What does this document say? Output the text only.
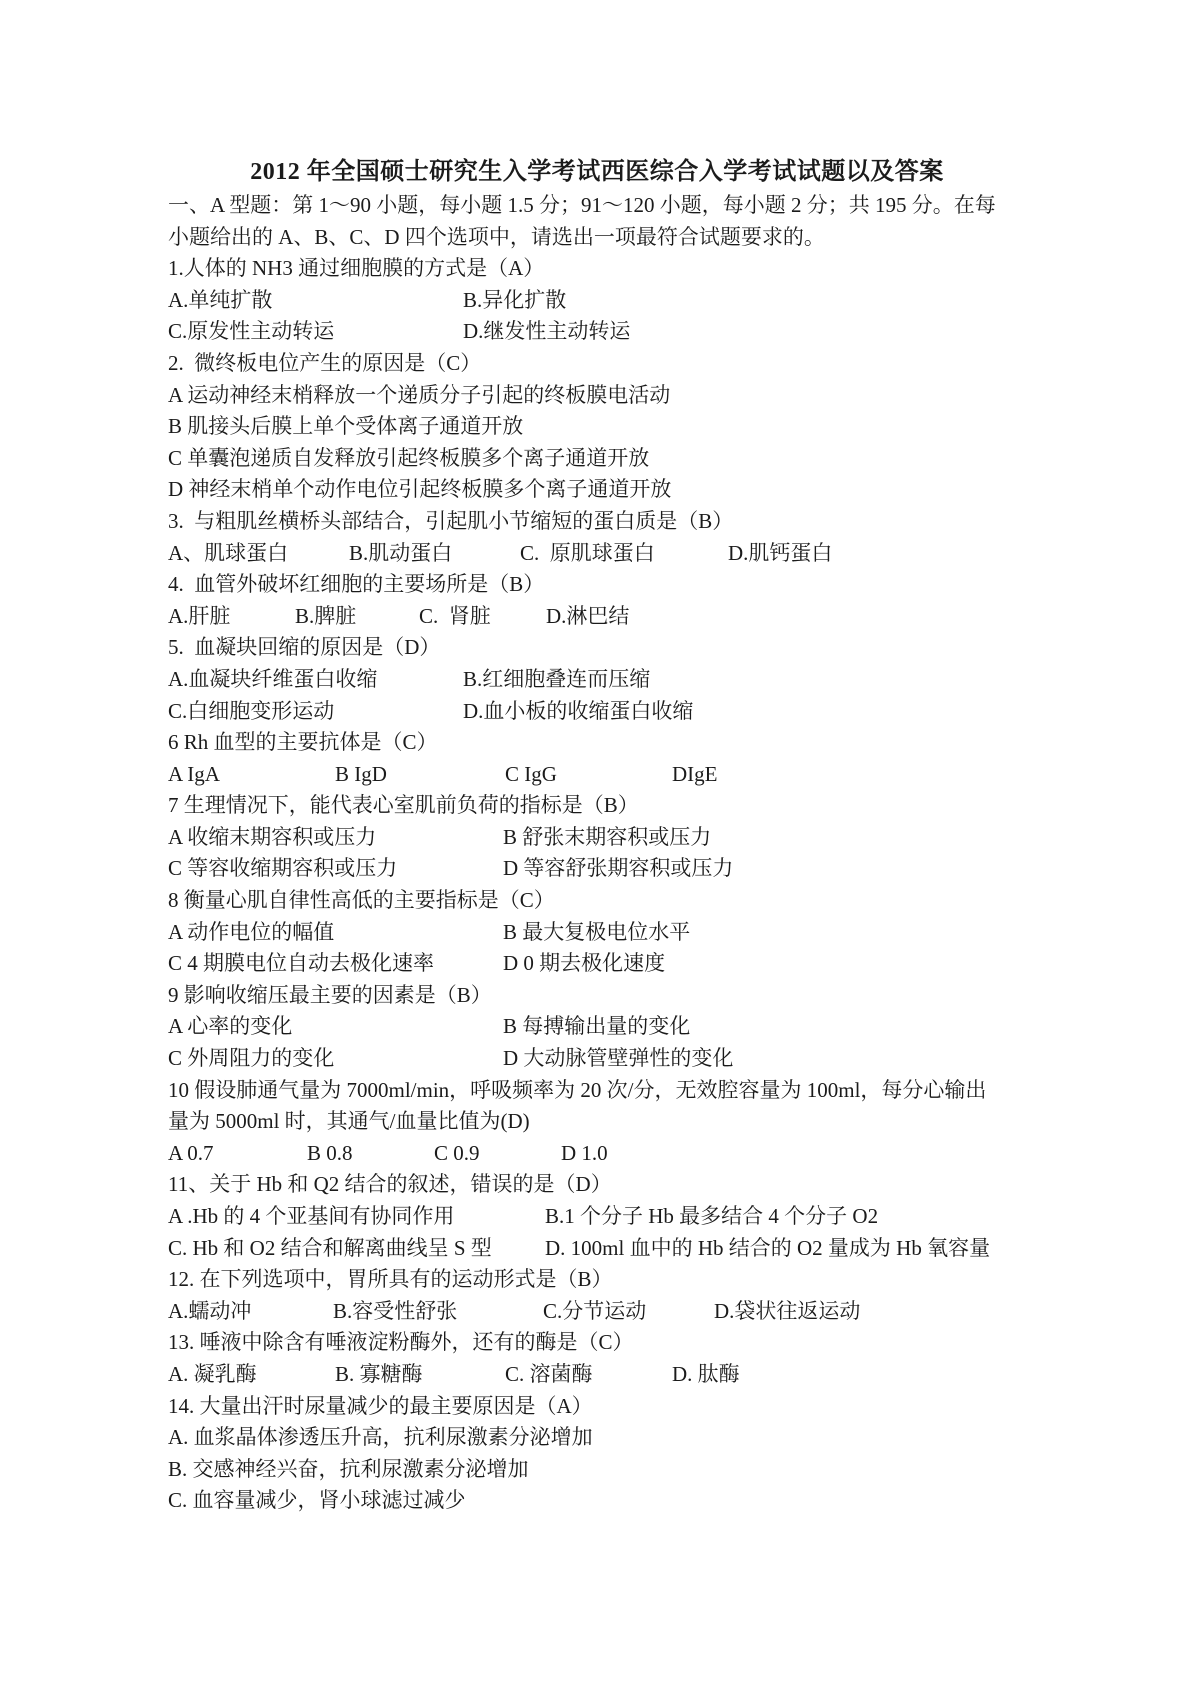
2012 年全国硕士研究生入学考试西医综合入学考试试题以及答案
一、A 型题：第 1～90 小题，每小题 1.5 分；91～120 小题，每小题 2 分；共 195 分。在每
小题给出的 A、B、C、D 四个选项中，请选出一项最符合试题要求的。
1.人体的 NH3 通过细胞膜的方式是（A）
A.单纯扩散	B.异化扩散
C.原发性主动转运	D.继发性主动转运
2.  微终板电位产生的原因是（C）
A 运动神经末梢释放一个递质分子引起的终板膜电活动
B 肌接头后膜上单个受体离子通道开放
C 单囊泡递质自发释放引起终板膜多个离子通道开放
D 神经末梢单个动作电位引起终板膜多个离子通道开放
3.  与粗肌丝横桥头部结合，引起肌小节缩短的蛋白质是（B）
A、肌球蛋白	B.肌动蛋白	C.  原肌球蛋白	D.肌钙蛋白
4.  血管外破坏红细胞的主要场所是（B）
A.肝脏	B.脾脏	C.  肾脏	D.淋巴结
5.  血凝块回缩的原因是（D）
A.血凝块纤维蛋白收缩	B.红细胞叠连而压缩
C.白细胞变形运动	D.血小板的收缩蛋白收缩
6 Rh 血型的主要抗体是（C）
A IgA	B IgD	C IgG	DIgE
7 生理情况下，能代表心室肌前负荷的指标是（B）
A 收缩末期容积或压力	B 舒张末期容积或压力
C 等容收缩期容积或压力	D 等容舒张期容积或压力
8 衡量心肌自律性高低的主要指标是（C）
A 动作电位的幅值	B 最大复极电位水平
C 4 期膜电位自动去极化速率	D 0 期去极化速度
9 影响收缩压最主要的因素是（B）
A 心率的变化	B 每搏输出量的变化
C 外周阻力的变化	D 大动脉管壁弹性的变化
10 假设肺通气量为 7000ml/min，呼吸频率为 20 次/分，无效腔容量为 100ml，每分心输出
量为 5000ml 时，其通气/血量比值为(D)
A 0.7	B 0.8	C 0.9	D 1.0
11、关于 Hb 和 Q2 结合的叙述，错误的是（D）
A .Hb 的 4 个亚基间有协同作用	B.1 个分子 Hb 最多结合 4 个分子 O2
C. Hb 和 O2 结合和解离曲线呈 S 型	D. 100ml 血中的 Hb 结合的 O2 量成为 Hb 氧容量
12. 在下列选项中，胃所具有的运动形式是（B）
A.蠕动冲	B.容受性舒张	C.分节运动	D.袋状往返运动
13. 唾液中除含有唾液淀粉酶外，还有的酶是（C）
A. 凝乳酶	B. 寡糖酶	C. 溶菌酶	D. 肽酶
14. 大量出汗时尿量减少的最主要原因是（A）
A. 血浆晶体渗透压升高，抗利尿激素分泌增加
B. 交感神经兴奋，抗利尿激素分泌增加
C. 血容量减少，肾小球滤过减少
